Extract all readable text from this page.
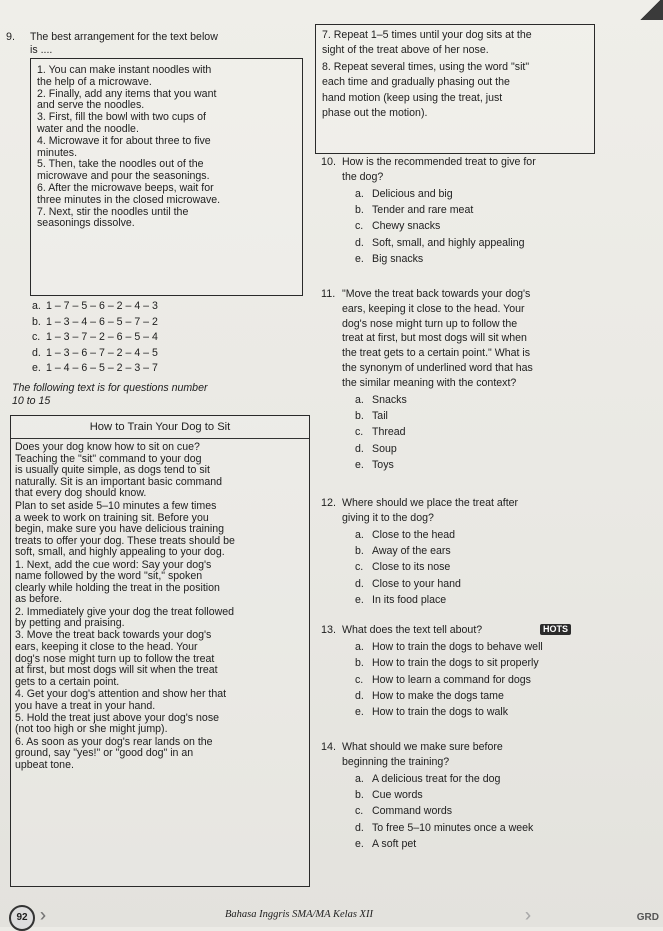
9. The best arrangement for the text below
is ....
1. You can make instant noodles with
the help of a microwave.
2. Finally, add any items that you want
and serve the noodles.
3. First, fill the bowl with two cups of
water and the noodle.
4. Microwave it for about three to five
minutes.
5. Then, take the noodles out of the
microwave and pour the seasonings.
6. After the microwave beeps, wait for
three minutes in the closed microwave.
7. Next, stir the noodles until the
seasonings dissolve.
a. 1 – 7 – 5 – 6 – 2 – 4 – 3
b. 1 – 3 – 4 – 6 – 5 – 7 – 2
c. 1 – 3 – 7 – 2 – 6 – 5 – 4
d. 1 – 3 – 6 – 7 – 2 – 4 – 5
e. 1 – 4 – 6 – 5 – 2 – 3 – 7
The following text is for questions number
10 to 15
How to Train Your Dog to Sit
Does your dog know how to sit on cue?
Teaching the "sit" command to your dog
is usually quite simple, as dogs tend to sit
naturally. Sit is an important basic command
that every dog should know.
Plan to set aside 5–10 minutes a few times
a week to work on training sit. Before you
begin, make sure you have delicious training
treats to offer your dog. These treats should be
soft, small, and highly appealing to your dog.
1. Next, add the cue word: Say your dog's
name followed by the word "sit," spoken
clearly while holding the treat in the position
as before.
2. Immediately give your dog the treat followed
by petting and praising.
3. Move the treat back towards your dog's
ears, keeping it close to the head. Your
dog's nose might turn up to follow the treat
at first, but most dogs will sit when the treat
gets to a certain point.
4. Get your dog's attention and show her that
you have a treat in your hand.
5. Hold the treat just above your dog's nose
(not too high or she might jump).
6. As soon as your dog's rear lands on the
ground, say "yes!" or "good dog" in an
upbeat tone.
7. Repeat 1–5 times until your dog sits at the
sight of the treat above of her nose.
8. Repeat several times, using the word "sit"
each time and gradually phasing out the
hand motion (keep using the treat, just
phase out the motion).
10. How is the recommended treat to give for
the dog?
a. Delicious and big
b. Tender and rare meat
c. Chewy snacks
d. Soft, small, and highly appealing
e. Big snacks
11. "Move the treat back towards your dog's
ears, keeping it close to the head. Your
dog's nose might turn up to follow the
treat at first, but most dogs will sit when
the treat gets to a certain point." What is
the synonym of underlined word that has
the similar meaning with the context?
a. Snacks
b. Tail
c. Thread
d. Soup
e. Toys
12. Where should we place the treat after
giving it to the dog?
a. Close to the head
b. Away of the ears
c. Close to its nose
d. Close to your hand
e. In its food place
13. What does the text tell about?	HOTS
a. How to train the dogs to behave well
b. How to train the dogs to sit properly
c. How to learn a command for dogs
d. How to make the dogs tame
e. How to train the dogs to walk
14. What should we make sure before
beginning the training?
a. A delicious treat for the dog
b. Cue words
c. Command words
d. To free 5–10 minutes once a week
e. A soft pet
92	Bahasa Inggris SMA/MA Kelas XII	GRD
